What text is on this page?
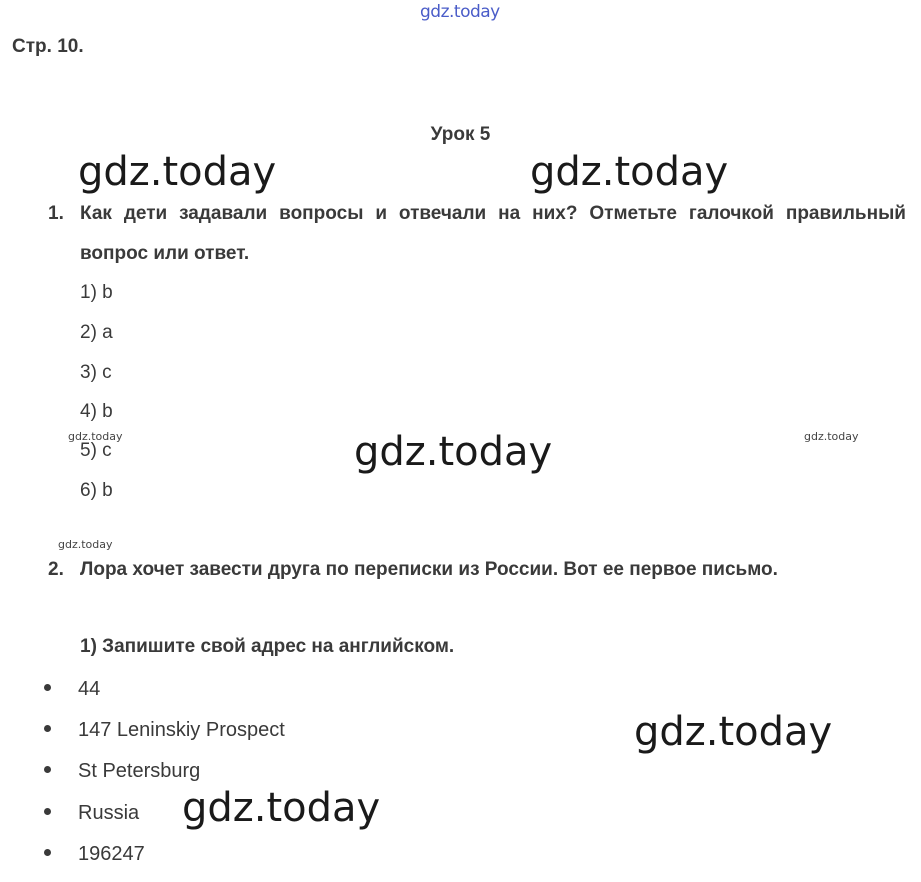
gdz.today
gdz.today	gdz.today
gdz.today
gdz.today
gdz.today
gdz.today	gdz.today
gdz.today
Стр. 10.
Урок 5
1. Как дети задавали вопросы и отвечали на них? Отметьте галочкой правильный вопрос или ответ.
1) b
2) a
3) c
4) b
5) c
6) b
2. Лора хочет завести друга по переписки из России. Вот ее первое письмо.
1) Запишите свой адрес на английском.
44
147 Leninskiy Prospect
St Petersburg
Russia
196247
